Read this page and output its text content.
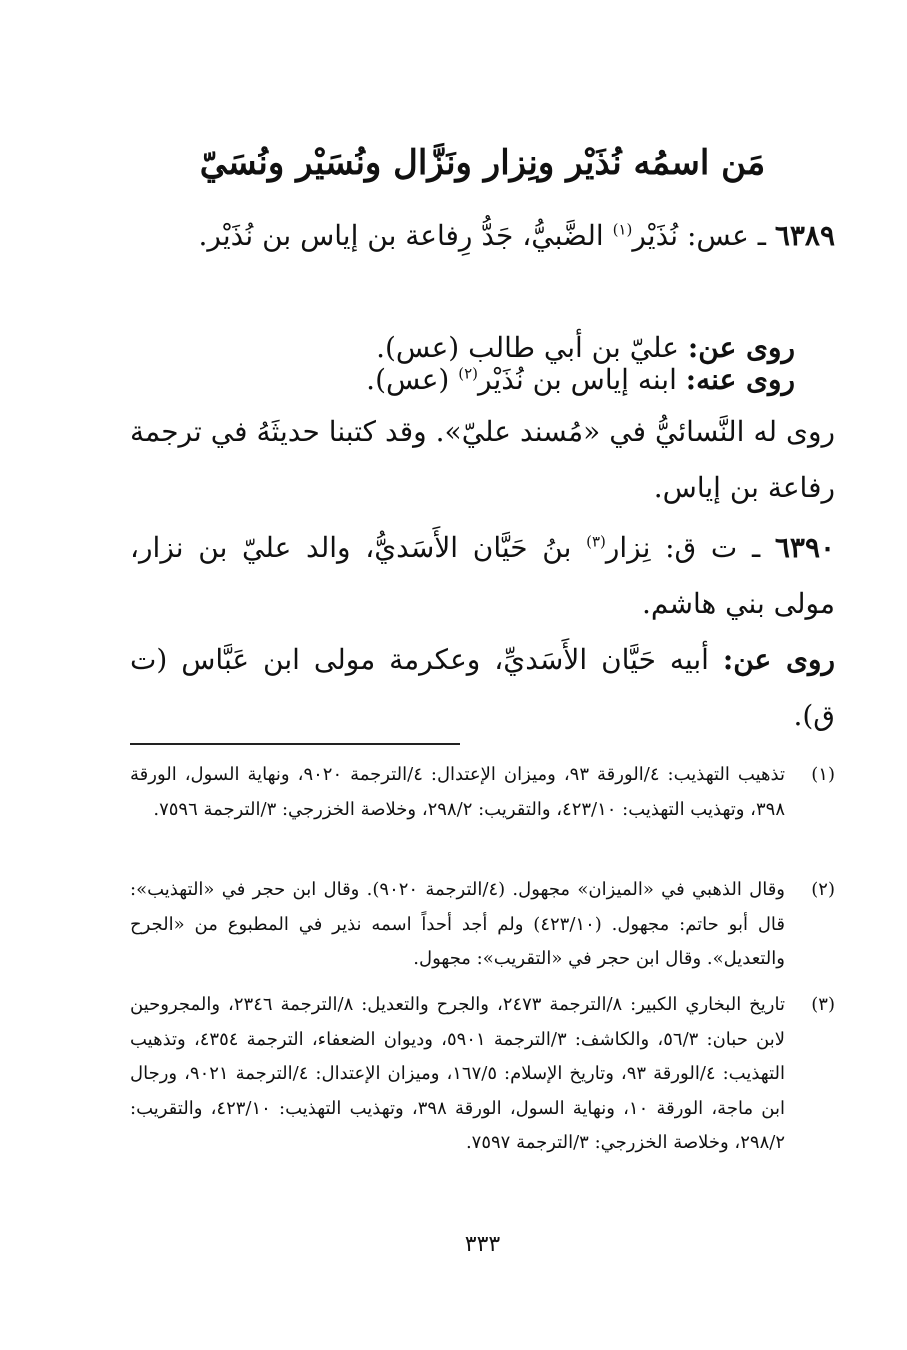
مَن اسمُه نُذَيْر ونِزار ونَزَّال ونُسَيْر ونُسَيّ
٦٣٨٩ ـ عس: نُذَيْر$^{(١)}$ الضَّبيُّ، جَدُّ رِفاعة بن إياس بن نُذَيْر.
روى عن: عليّ بن أبي طالب (عس).
روى عنه: ابنه إياس بن نُذَيْر$^{(٢)}$ (عس).
روى له النَّسائيُّ في «مُسند عليّ». وقد كتبنا حديثَهُ في ترجمة رفاعة بن إياس.
٦٣٩٠ ـ ت ق: نِزار$^{(٣)}$ بنُ حَيَّان الأَسَديُّ، والد عليّ بن نزار، مولى بني هاشم.
روى عن: أبيه حَيَّان الأَسَديِّ، وعكرمة مولى ابن عَبَّاس (ت ق).
(١)
تذهيب التهذيب: ٤/الورقة ٩٣، وميزان الإعتدال: ٤/الترجمة ٩٠٢٠، ونهاية السول، الورقة ٣٩٨، وتهذيب التهذيب: ٤٢٣/١٠، والتقريب: ٢٩٨/٢، وخلاصة الخزرجي: ٣/الترجمة ٧٥٩٦.
(٢)
وقال الذهبي في «الميزان» مجهول. (٤/الترجمة ٩٠٢٠). وقال ابن حجر في «التهذيب»: قال أبو حاتم: مجهول. (٤٢٣/١٠) ولم أجد أحداً اسمه نذير في المطبوع من «الجرح والتعديل». وقال ابن حجر في «التقريب»: مجهول.
(٣)
تاريخ البخاري الكبير: ٨/الترجمة ٢٤٧٣، والجرح والتعديل: ٨/الترجمة ٢٣٤٦، والمجروحين لابن حبان: ٥٦/٣، والكاشف: ٣/الترجمة ٥٩٠١، وديوان الضعفاء، الترجمة ٤٣٥٤، وتذهيب التهذيب: ٤/الورقة ٩٣، وتاريخ الإسلام: ١٦٧/٥، وميزان الإعتدال: ٤/الترجمة ٩٠٢١، ورجال ابن ماجة، الورقة ١٠، ونهاية السول، الورقة ٣٩٨، وتهذيب التهذيب: ٤٢٣/١٠، والتقريب: ٢٩٨/٢، وخلاصة الخزرجي: ٣/الترجمة ٧٥٩٧.
٣٣٣
